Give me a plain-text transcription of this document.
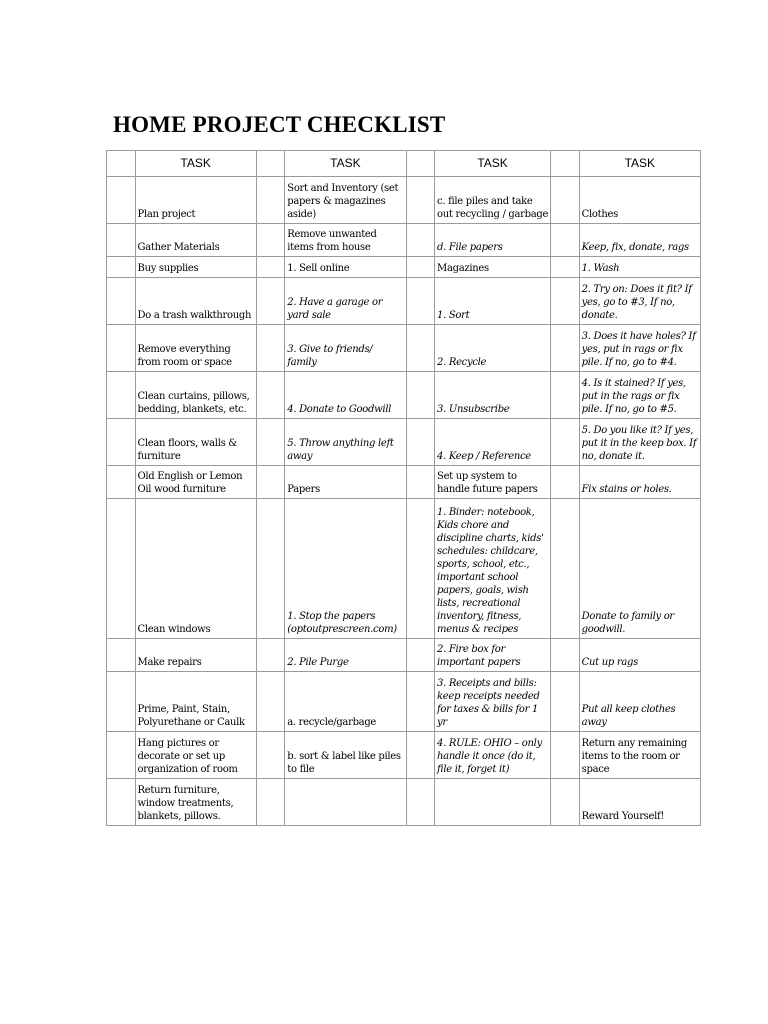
HOME PROJECT CHECKLIST
	TASK		TASK		TASK		TASK
	Plan project		Sort and Inventory (set papers & magazines aside)		c. file piles and take out recycling / garbage		Clothes
	Gather Materials		Remove unwanted items from house		d. File papers		Keep, fix, donate, rags
	Buy supplies		1. Sell online		Magazines		1. Wash
	Do a trash walkthrough		2. Have a garage or yard sale		1. Sort		2. Try on: Does it fit? If yes, go to #3, If no, donate.
	Remove everything from room or space		3. Give to friends/ family		2. Recycle		3. Does it have holes? If yes, put in rags or fix pile. If no, go to #4.
	Clean curtains, pillows, bedding, blankets, etc.		4. Donate to Goodwill		3. Unsubscribe		4. Is it stained? If yes, put in the rags or fix pile. If no, go to #5.
	Clean floors, walls & furniture		5. Throw anything left away		4. Keep / Reference		5. Do you like it? If yes, put it in the keep box. If no, donate it.
	Old English or Lemon Oil wood furniture		Papers		Set up system to handle future papers		Fix stains or holes.
	Clean windows		1. Stop the papers (optoutprescreen.com)		1. Binder: notebook, Kids chore and discipline charts, kids' schedules: childcare, sports, school, etc., important school papers, goals, wish lists, recreational inventory, fitness, menus & recipes		Donate to family or goodwill.
	Make repairs		2. Pile Purge		2. Fire box for important papers		Cut up rags
	Prime, Paint, Stain, Polyurethane or Caulk		a. recycle/garbage		3. Receipts and bills: keep receipts needed for taxes & bills for 1 yr		Put all keep clothes away
	Hang pictures or decorate or set up organization of room		b. sort & label like piles to file		4. RULE: OHIO – only handle it once (do it, file it, forget it)		Return any remaining items to the room or space
	Return furniture, window treatments, blankets, pillows.						Reward Yourself!
